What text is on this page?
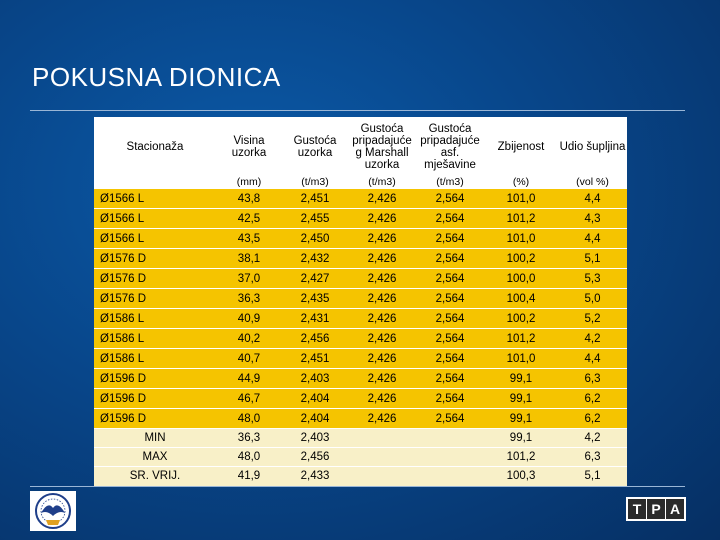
POKUSNA DIONICA
Stacionaža	Visina uzorka	Gustoća uzorka	Gustoća pripadajuće g Marshall uzorka	Gustoća pripadajuće asf. mješavine	Zbijenost	Udio šupljina
	(mm)	(t/m3)	(t/m3)	(t/m3)	(%)	(vol %)
Ø1566 L	43,8	2,451	2,426	2,564	101,0	4,4
Ø1566 L	42,5	2,455	2,426	2,564	101,2	4,3
Ø1566 L	43,5	2,450	2,426	2,564	101,0	4,4
Ø1576 D	38,1	2,432	2,426	2,564	100,2	5,1
Ø1576 D	37,0	2,427	2,426	2,564	100,0	5,3
Ø1576 D	36,3	2,435	2,426	2,564	100,4	5,0
Ø1586 L	40,9	2,431	2,426	2,564	100,2	5,2
Ø1586 L	40,2	2,456	2,426	2,564	101,2	4,2
Ø1586 L	40,7	2,451	2,426	2,564	101,0	4,4
Ø1596 D	44,9	2,403	2,426	2,564	99,1	6,3
Ø1596 D	46,7	2,404	2,426	2,564	99,1	6,2
Ø1596 D	48,0	2,404	2,426	2,564	99,1	6,2
MIN	36,3	2,403			99,1	4,2
MAX	48,0	2,456			101,2	6,3
SR. VRIJ.	41,9	2,433			100,3	5,1
T P A
